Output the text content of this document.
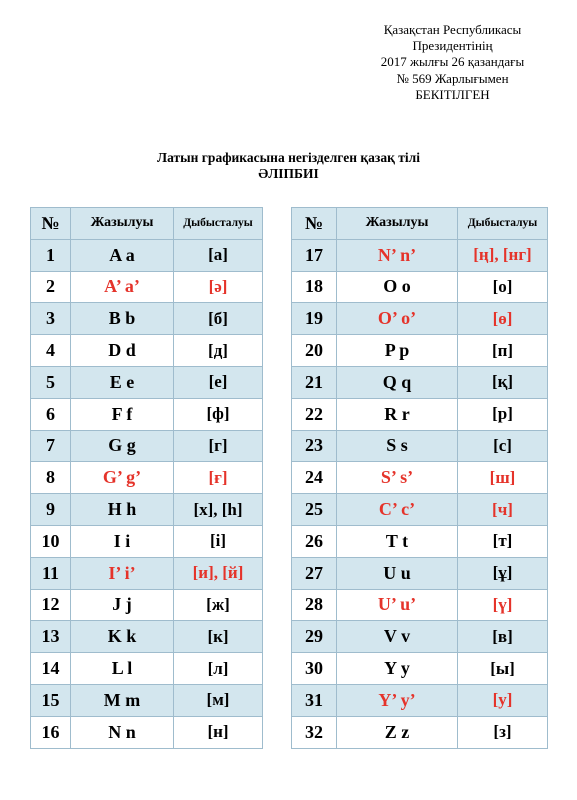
Қазақстан Республикасы
Президентінің
2017 жылғы 26 қазандағы
№ 569 Жарлығымен
БЕКІТІЛГЕН
Латын графикасына негізделген қазақ тілі
ӘЛІПБИІ
№	Жазылуы	Дыбысталуы
1	A a	[а]
2	A’ a’	[ә]
3	B b	[б]
4	D d	[д]
5	E e	[е]
6	F f	[ф]
7	G g	[г]
8	G’ g’	[ғ]
9	H h	[х], [h]
10	I i	[і]
11	I’ i’	[и], [й]
12	J j	[ж]
13	K k	[к]
14	L l	[л]
15	M m	[м]
16	N n	[н]
№	Жазылуы	Дыбысталуы
17	N’ n’	[ң], [нг]
18	O o	[о]
19	O’ o’	[ө]
20	P p	[п]
21	Q q	[қ]
22	R r	[р]
23	S s	[с]
24	S’ s’	[ш]
25	C’ c’	[ч]
26	T t	[т]
27	U u	[ұ]
28	U’ u’	[ү]
29	V v	[в]
30	Y y	[ы]
31	Y’ y’	[у]
32	Z z	[з]
